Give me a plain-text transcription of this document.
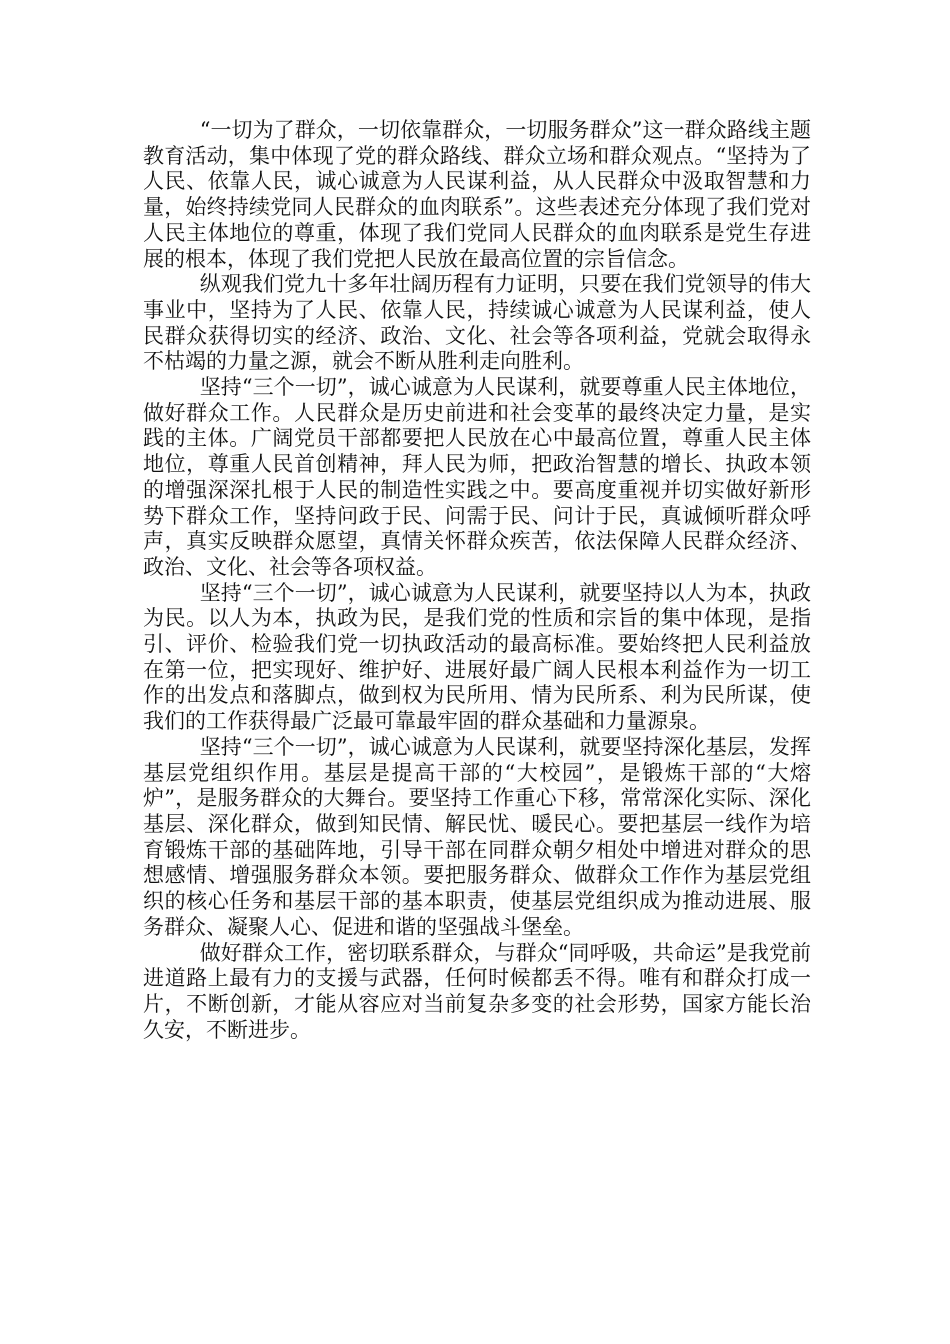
“一切为了群众，一切依靠群众，一切服务群众”这一群众路线主题教育活动，集中体现了党的群众路线、群众立场和群众观点。“坚持为了人民、依靠人民，诚心诚意为人民谋利益，从人民群众中汲取智慧和力量，始终持续党同人民群众的血肉联系”。这些表述充分体现了我们党对人民主体地位的尊重，体现了我们党同人民群众的血肉联系是党生存进展的根本，体现了我们党把人民放在最高位置的宗旨信念。

纵观我们党九十多年壮阔历程有力证明，只要在我们党领导的伟大事业中，坚持为了人民、依靠人民，持续诚心诚意为人民谋利益，使人民群众获得切实的经济、政治、文化、社会等各项利益，党就会取得永不枯竭的力量之源，就会不断从胜利走向胜利。

坚持“三个一切”，诚心诚意为人民谋利，就要尊重人民主体地位，做好群众工作。人民群众是历史前进和社会变革的最终决定力量，是实践的主体。广阔党员干部都要把人民放在心中最高位置，尊重人民主体地位，尊重人民首创精神，拜人民为师，把政治智慧的增长、执政本领的增强深深扎根于人民的制造性实践之中。要高度重视并切实做好新形势下群众工作，坚持问政于民、问需于民、问计于民，真诚倾听群众呼声，真实反映群众愿望，真情关怀群众疾苦，依法保障人民群众经济、政治、文化、社会等各项权益。

坚持“三个一切”，诚心诚意为人民谋利，就要坚持以人为本，执政为民。以人为本，执政为民，是我们党的性质和宗旨的集中体现，是指引、评价、检验我们党一切执政活动的最高标准。要始终把人民利益放在第一位，把实现好、维护好、进展好最广阔人民根本利益作为一切工作的出发点和落脚点，做到权为民所用、情为民所系、利为民所谋，使我们的工作获得最广泛最可靠最牢固的群众基础和力量源泉。

坚持“三个一切”，诚心诚意为人民谋利，就要坚持深化基层，发挥基层党组织作用。基层是提高干部的“大校园”，是锻炼干部的“大熔炉”，是服务群众的大舞台。要坚持工作重心下移，常常深化实际、深化基层、深化群众，做到知民情、解民忧、暖民心。要把基层一线作为培育锻炼干部的基础阵地，引导干部在同群众朝夕相处中增进对群众的思想感情、增强服务群众本领。要把服务群众、做群众工作作为基层党组织的核心任务和基层干部的基本职责，使基层党组织成为推动进展、服务群众、凝聚人心、促进和谐的坚强战斗堡垒。

做好群众工作，密切联系群众，与群众“同呼吸，共命运”是我党前进道路上最有力的支援与武器，任何时候都丢不得。唯有和群众打成一片，不断创新，才能从容应对当前复杂多变的社会形势，国家方能长治久安，不断进步。
